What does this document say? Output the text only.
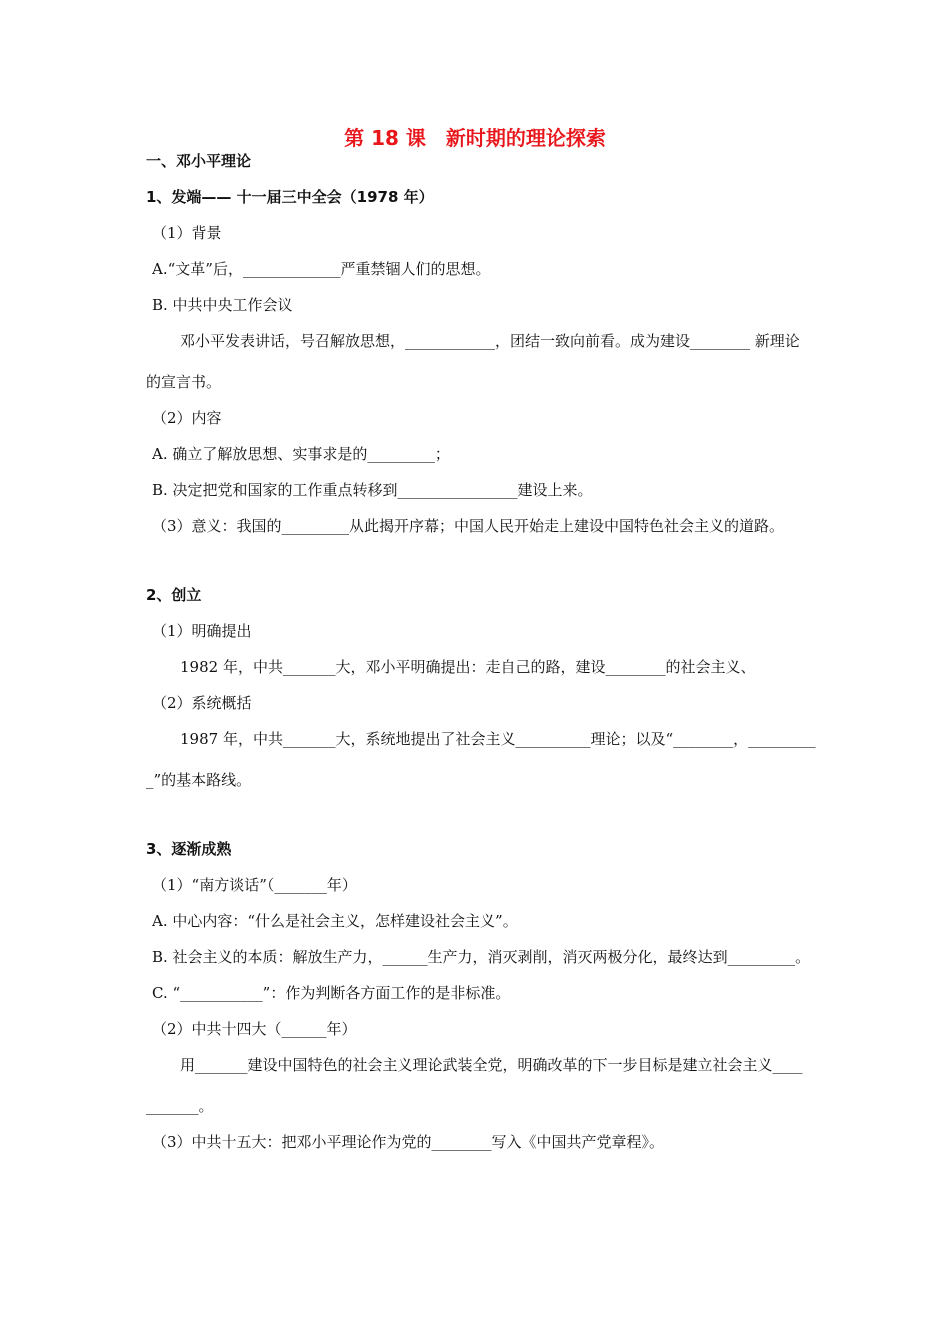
第 18 课　新时期的理论探索
一、邓小平理论
1、发端—— 十一届三中全会（1978 年）
（1）背景
A.“文革”后，_____________严重禁锢人们的思想。
B. 中共中央工作会议
邓小平发表讲话，号召解放思想，____________，团结一致向前看。成为建设________ 新理论
的宣言书。
（2）内容
A. 确立了解放思想、实事求是的_________；
B. 决定把党和国家的工作重点转移到________________建设上来。
（3）意义：我国的_________从此揭开序幕；中国人民开始走上建设中国特色社会主义的道路。
2、创立
（1）明确提出
1982 年，中共_______大，邓小平明确提出：走自己的路，建设________的社会主义、
（2）系统概括
1987 年，中共_______大，系统地提出了社会主义__________理论；以及“________，_________
_”的基本路线。
3、逐渐成熟
（1）“南方谈话”（_______年）
A. 中心内容：“什么是社会主义，怎样建设社会主义”。
B. 社会主义的本质：解放生产力，______生产力，消灭剥削，消灭两极分化，最终达到_________。
C. “___________”：作为判断各方面工作的是非标准。
（2）中共十四大（______年）
用_______建设中国特色的社会主义理论武装全党，明确改革的下一步目标是建立社会主义____
_______。
（3）中共十五大：把邓小平理论作为党的________写入《中国共产党章程》。
